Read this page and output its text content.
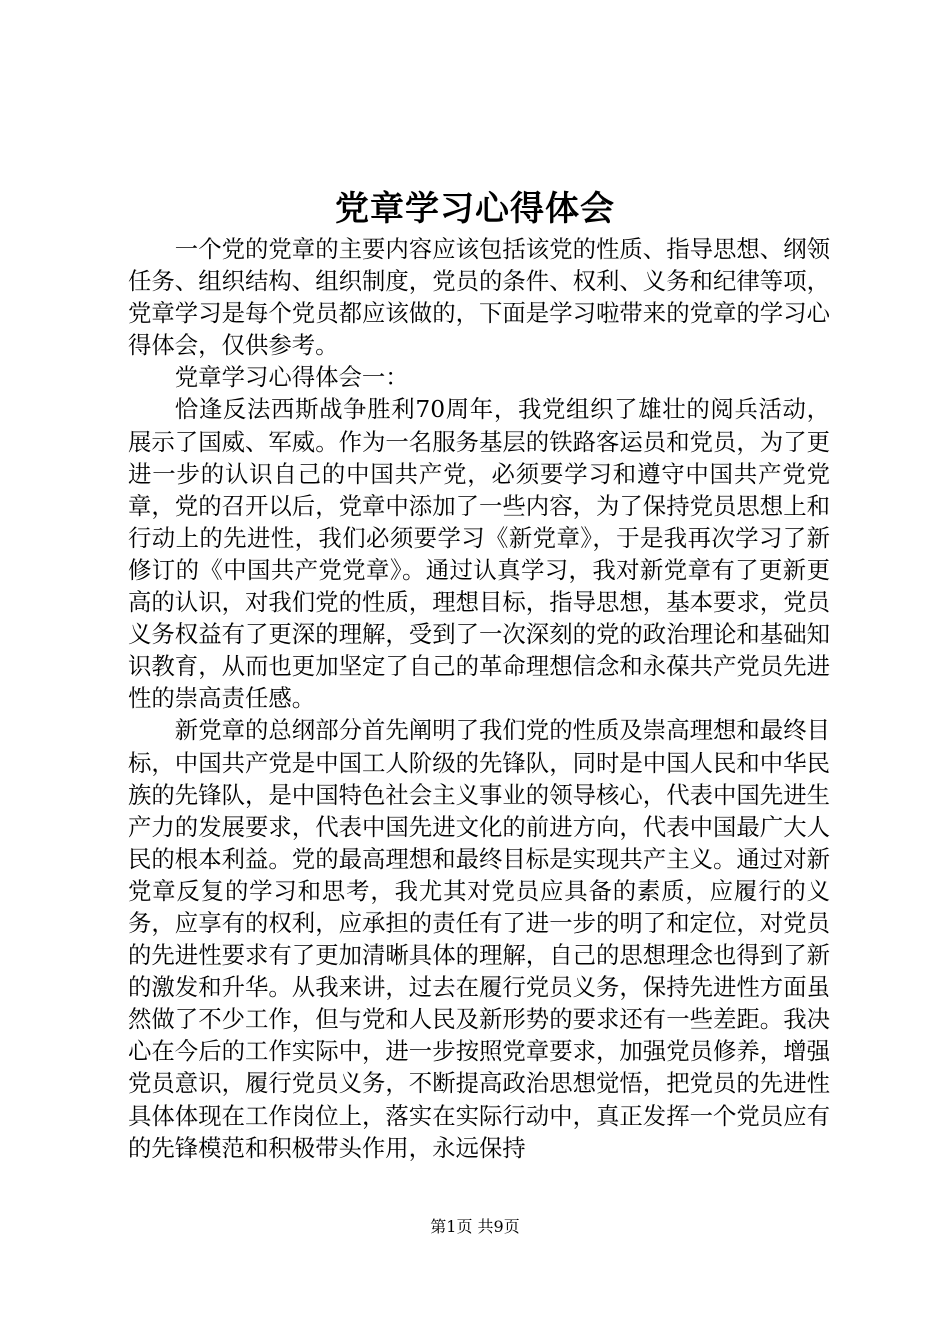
党章学习心得体会

一个党的党章的主要内容应该包括该党的性质、指导思想、纲领任务、组织结构、组织制度，党员的条件、权利、义务和纪律等项，党章学习是每个党员都应该做的，下面是学习啦带来的党章的学习心得体会，仅供参考。

党章学习心得体会一：

恰逢反法西斯战争胜利70周年，我党组织了雄壮的阅兵活动，展示了国威、军威。作为一名服务基层的铁路客运员和党员，为了更进一步的认识自己的中国共产党，必须要学习和遵守中国共产党党章，党的召开以后，党章中添加了一些内容，为了保持党员思想上和行动上的先进性，我们必须要学习《新党章》，于是我再次学习了新修订的《中国共产党党章》。通过认真学习，我对新党章有了更新更高的认识，对我们党的性质，理想目标，指导思想，基本要求，党员义务权益有了更深的理解，受到了一次深刻的党的政治理论和基础知识教育，从而也更加坚定了自己的革命理想信念和永葆共产党员先进性的崇高责任感。

新党章的总纲部分首先阐明了我们党的性质及崇高理想和最终目标，中国共产党是中国工人阶级的先锋队，同时是中国人民和中华民族的先锋队，是中国特色社会主义事业的领导核心，代表中国先进生产力的发展要求，代表中国先进文化的前进方向，代表中国最广大人民的根本利益。党的最高理想和最终目标是实现共产主义。通过对新党章反复的学习和思考，我尤其对党员应具备的素质，应履行的义务，应享有的权利，应承担的责任有了进一步的明了和定位，对党员的先进性要求有了更加清晰具体的理解，自己的思想理念也得到了新的激发和升华。从我来讲，过去在履行党员义务，保持先进性方面虽然做了不少工作，但与党和人民及新形势的要求还有一些差距。我决心在今后的工作实际中，进一步按照党章要求，加强党员修养，增强党员意识，履行党员义务，不断提高政治思想觉悟，把党员的先进性具体体现在工作岗位上，落实在实际行动中，真正发挥一个党员应有的先锋模范和积极带头作用，永远保持

第1页 共9页
